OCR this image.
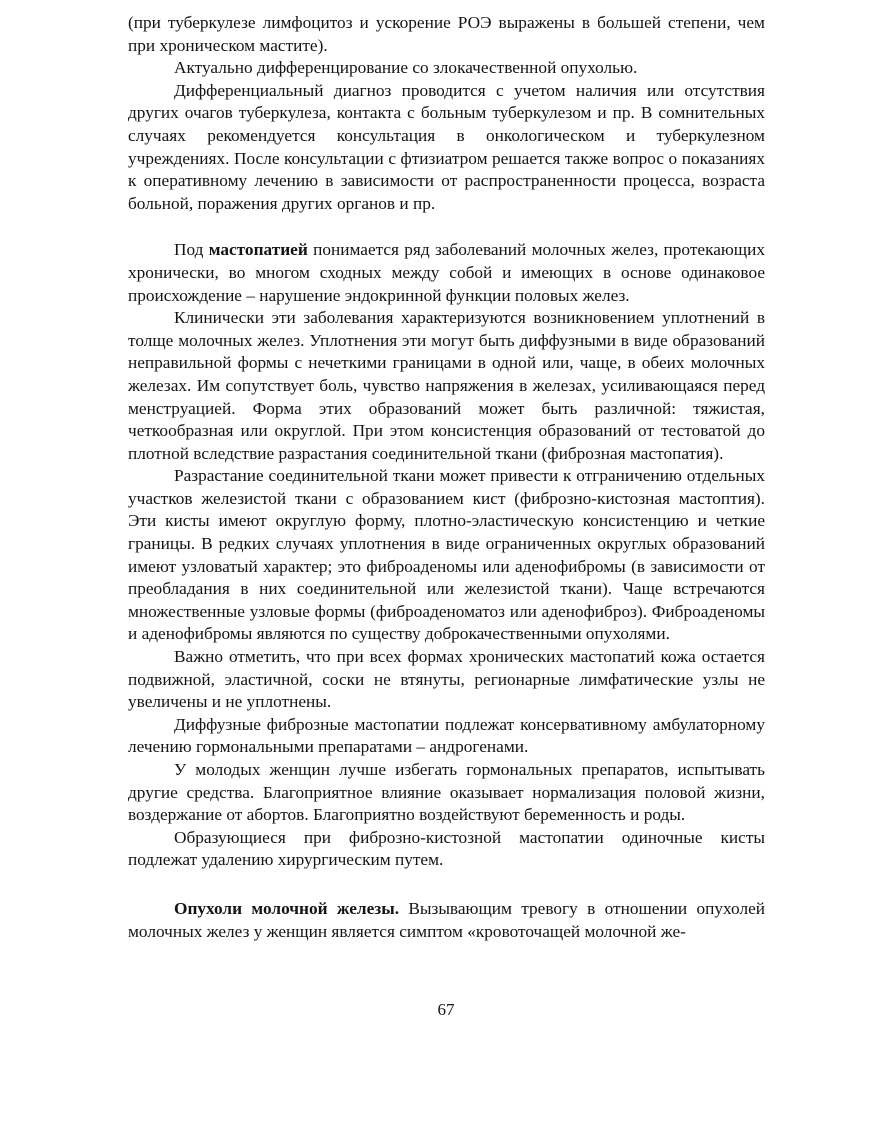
(при туберкулезе лимфоцитоз и ускорение РОЭ выражены в большей степени, чем при хроническом мастите).

Актуально дифференцирование со злокачественной опухолью.

Дифференциальный диагноз проводится с учетом наличия или отсутствия других очагов туберкулеза, контакта с больным туберкулезом и пр. В сомнительных случаях рекомендуется консультация в онкологическом и туберкулезном учреждениях. После консультации с фтизиатром решается также вопрос о показаниях к оперативному лечению в зависимости от распространенности процесса, возраста больной, поражения других органов и пр.

Под мастопатией понимается ряд заболеваний молочных желез, протекающих хронически, во многом сходных между собой и имеющих в основе одинаковое происхождение – нарушение эндокринной функции половых желез.

Клинически эти заболевания характеризуются возникновением уплотнений в толще молочных желез. Уплотнения эти могут быть диффузными в виде образований неправильной формы с нечеткими границами в одной или, чаще, в обеих молочных железах. Им сопутствует боль, чувство напряжения в железах, усиливающаяся перед менструацией. Форма этих образований может быть различной: тяжистая, четкообразная или округлой. При этом консистенция образований от тестоватой до плотной вследствие разрастания соединительной ткани (фиброзная мастопатия).

Разрастание соединительной ткани может привести к отграничению отдельных участков железистой ткани с образованием кист (фиброзно-кистозная мастоптия). Эти кисты имеют округлую форму, плотно-эластическую консистенцию и четкие границы. В редких случаях уплотнения в виде ограниченных округлых образований имеют узловатый характер; это фиброаденомы или аденофибромы (в зависимости от преобладания в них соединительной или железистой ткани). Чаще встречаются множественные узловые формы (фиброаденоматоз или аденофиброз). Фиброаденомы и аденофибромы являются по существу доброкачественными опухолями.

Важно отметить, что при всех формах хронических мастопатий кожа остается подвижной, эластичной, соски не втянуты, регионарные лимфатические узлы не увеличены и не уплотнены.

Диффузные фиброзные мастопатии подлежат консервативному амбулаторному лечению гормональными препаратами – андрогенами.

У молодых женщин лучше избегать гормональных препаратов, испытывать другие средства. Благоприятное влияние оказывает нормализация половой жизни, воздержание от абортов. Благоприятно воздействуют беременность и роды.

Образующиеся при фиброзно-кистозной мастопатии одиночные кисты подлежат удалению хирургическим путем.

Опухоли молочной железы. Вызывающим тревогу в отношении опухолей молочных желез у женщин является симптом «кровоточащей молочной же-

67
